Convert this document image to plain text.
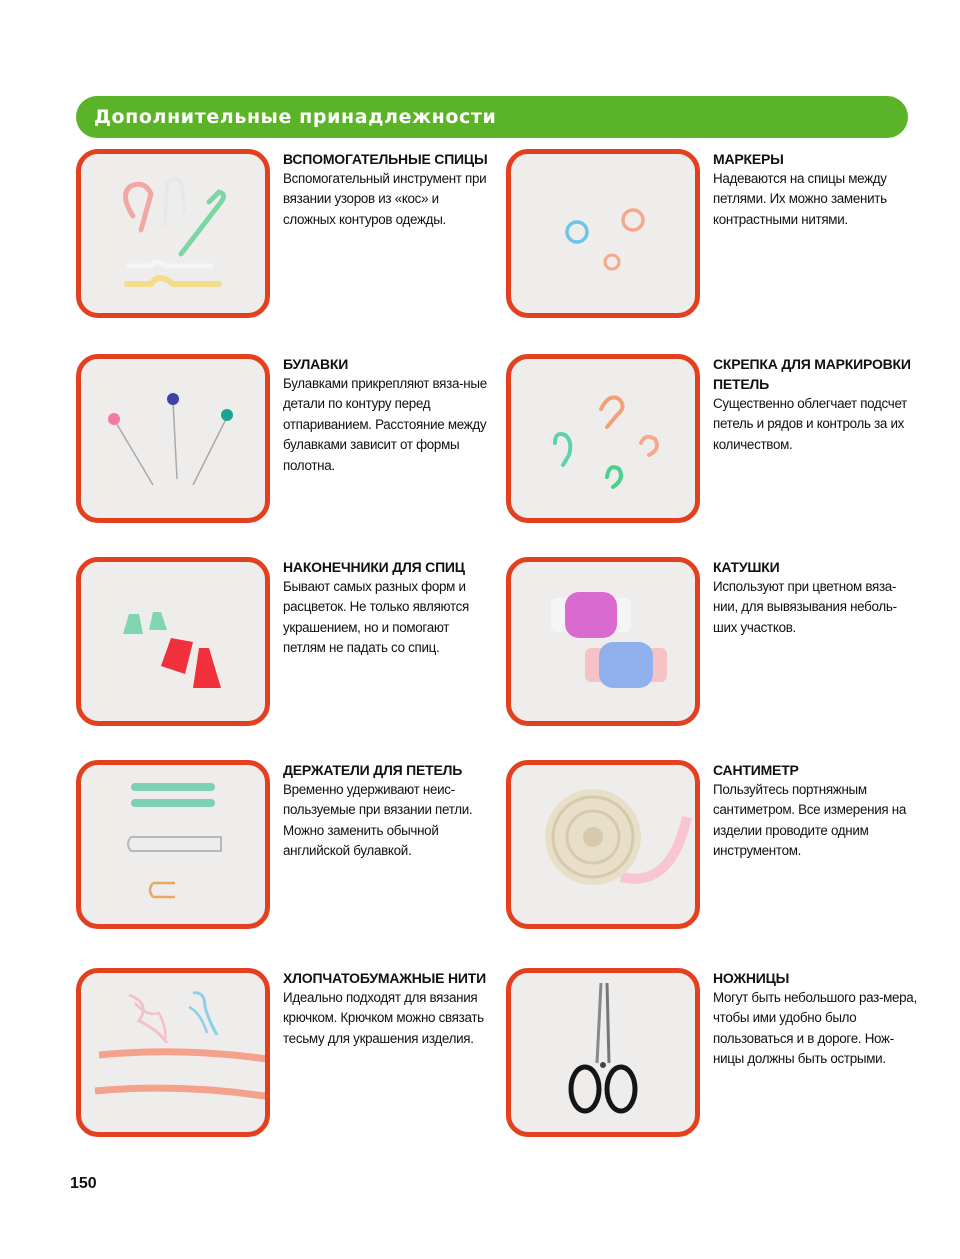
Дополнительные принадлежности
ВСПОМОГАТЕЛЬНЫЕ СПИЦЫ
Вспомогательный инструмент при вязании узоров из «кос» и сложных контуров одежды.
МАРКЕРЫ
Надеваются на спицы между петлями. Их можно заменить контрастными нитями.
БУЛАВКИ
Булавками прикрепляют вяза-ные детали по контуру перед отпариванием. Расстояние между булавками зависит от формы полотна.
СКРЕПКА ДЛЯ МАРКИРОВКИ ПЕТЕЛЬ
Существенно облегчает подсчет петель и рядов и контроль за их количеством.
НАКОНЕЧНИКИ ДЛЯ СПИЦ
Бывают самых разных форм и расцветок. Не только являются украшением, но и помогают петлям не падать со спиц.
КАТУШКИ
Используют при цветном вяза-нии, для вывязывания неболь-ших участков.
ДЕРЖАТЕЛИ ДЛЯ ПЕТЕЛЬ
Временно удерживают неис-пользуемые при вязании петли. Можно заменить обычной английской булавкой.
САНТИМЕТР
Пользуйтесь портняжным сантиметром. Все измерения на изделии проводите одним инструментом.
ХЛОПЧАТОБУМАЖНЫЕ НИТИ
Идеально подходят для вязания крючком. Крючком можно связать тесьму для украшения изделия.
НОЖНИЦЫ
Могут быть небольшого раз-мера, чтобы ими удобно было пользоваться и в дороге. Нож-ницы должны быть острыми.
150
